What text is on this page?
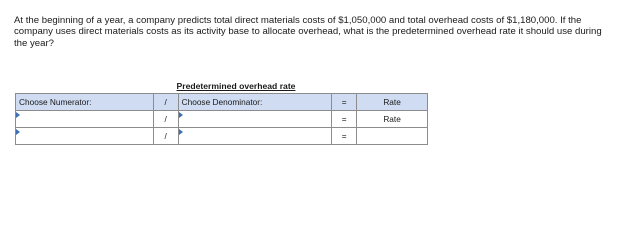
At the beginning of a year, a company predicts total direct materials costs of $1,050,000 and total overhead costs of $1,180,000. If the company uses direct materials costs as its activity base to allocate overhead, what is the predetermined overhead rate it should use during the year?

Predetermined overhead rate
Choose Numerator:	/	Choose Denominator:	=	Rate

	/		=	Rate

	/		=	
